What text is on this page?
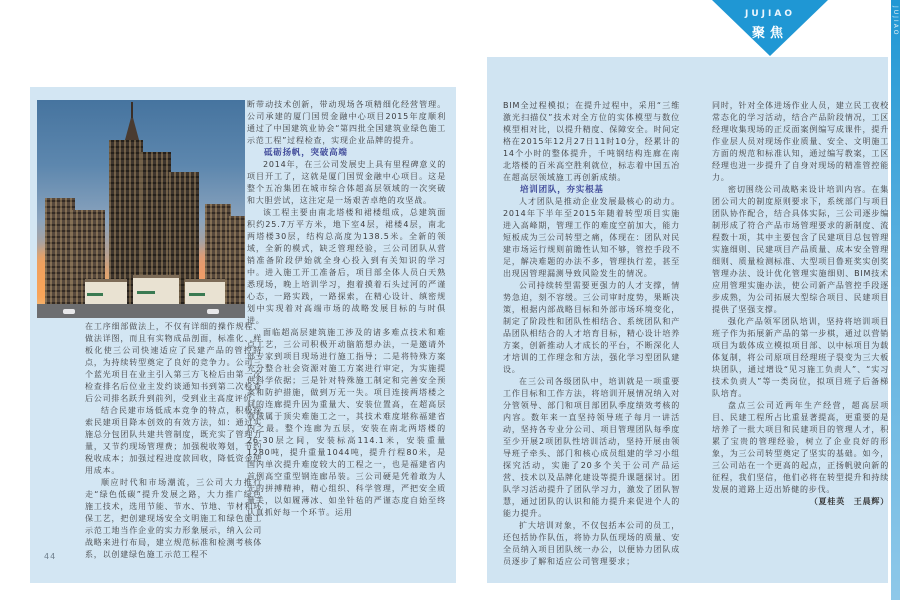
JUJIAO
聚焦	JUJIAO

在工序细部做法上，不仅有详细的操作规程、做法详图，而且有实物成品剖面，标准化、样板化使三公司快速适应了民建产品的管控特点，为持续转型奠定了良好的竞争力。公司三个蓝光项目在业主引入第三方飞检后由第一次检查排名后位业主发约谈通知书到第二次检查后公司排名跃升到前列，受到业主高度评价。

结合民建市场低成本竞争的特点，积极探索民建项目降本创效的有效方法，如：通过实施总分包团队共建共管制度，既充实了管理力量，又节约现场管理费；加强税收筹划，节约税收成本；加强过程进度款回收，降低资金使用成本。

顺应时代和市场潮流，三公司大力推行走“绿色低碳”提升发展之路，大力推广绿色施工技术，选用节能、节水、节地、节材和环保工艺，把创建现场安全文明施工和绿色施工示范工地当作企业的实力形象展示，纳入公司战略来进行布局，建立规范标准和检测考核体系，以创建绿色施工示范工程不

断带动技术创新，带动现场各项精细化经营管理。公司承建的厦门国贸金融中心项目2015年度顺利通过了中国建筑业协会“第四批全国建筑业绿色施工示范工程”过程检查，实现企业品牌的提升。

砥砺扬帆，突破高端

2014年，在三公司发展史上具有里程碑意义的项目开工了，这就是厦门国贸金融中心项目。这是整个五冶集团在城市综合体超高层领域的一次突破和大胆尝试，这注定是一场艰苦卓绝的攻坚战。

该工程主要由南北塔楼和裙楼组成，总建筑面积约25.7万平方米，地下室4层，裙楼4层，南北两塔楼30层，结构总高度为138.5米。全新的领域，全新的模式，缺乏管理经验，三公司团队从营销准备阶段伊始就全身心投入到有关知识的学习中。进入施工开工准备后，项目部全体人员白天熟悉现场，晚上培训学习，抱着摸着石头过河的严谨心态，一路实践，一路探索，在精心设计、缜密规划中实现着对高端市场的战略发展目标的与时俱进。

面临超高层建筑施工涉及的诸多难点技术和难点工艺，三公司积极开动脑筋想办法，一是邀请外部专家到项目现场进行施工指导；二是将特殊方案充分整合社会资源对施工方案进行审定，为实施提供科学依据；三是针对特殊施工制定和完善安全预案和防护措施，做到万无一失。项目连接两塔楼之间的连廊提升因为重量大、安装位置高，在超高层领域属于顶尖难施工之一，其技术难度堪称福建省内之最。整个连廊为五层，安装在南北两塔楼的26-30层之间，安装标高114.1米，安装重量1280吨，提升重量1044吨，提升行程80米，是国内单次提升难度较大的工程之一，也是福建省内首例高空重型钢连廊吊装。三公司硬是凭着敢为人先的拼搏精神，精心组织、科学管理，严把安全质量关，以如履薄冰、如坐针毡的严谨态度自始至终认真抓好每一个环节。运用

44

BIM全过程模拟；在提升过程中，采用“三维激光扫描仪”技术对全方位的实体模型与数位模型相对比，以提升精度、保障安全。时间定格在2015年12月27日11时10分，经累计的14个小时的整体提升，千吨钢结构连廊在南北塔楼的百米高空胜利就位，标志着中国五冶在超高层领域施工再创新成绩。

培训团队，夯实根基

人才团队是推动企业发展最核心的动力。2014年下半年至2015年随着转型项目实施进入高峰期，管理工作的难度空前加大，能力短板成为三公司转型之痛，体现在：团队对民建市场运行规则前瞻性认知不够，管控手段不足，解决难题的办法不多，管理执行差，甚至出现因管理漏测导致风险发生的情况。

公司持续转型需要更强力的人才支撑，情势急迫，刻不容缓。三公司审时度势，果断决策，根据内部战略目标和外部市场环境变化，制定了阶段性和团队性相结合、系统团队和产品团队相结合的人才培育目标，精心设计培养方案，创新推动人才成长的平台，不断深化人才培训的工作理念和方法，强化学习型团队建设。

在三公司各级团队中，培训就是一项重要工作目标和工作方法，将培训开展情况纳入对分管领导、部门和项目部团队季度绩效考核的内容。数年来一直坚持领导班子每月一讲活动，坚持各专业分公司、项目管理团队每季度至少开展2项团队性培训活动，坚持开展由领导班子牵头、部门和核心成员组建的学习小组探究活动，实施了20多个关于公司产品运营、技术以及品牌化建设等提升课题探讨。团队学习活动提升了团队学习力，激发了团队智慧，通过团队的认识和能力提升来促进个人的能力提升。

扩大培训对象，不仅包括本公司的员工，还包括协作队伍，将协力队伍现场的质量、安全员纳入项目团队统一办公，以便协力团队成员逐步了解和适应公司管理要求；

同时，针对全体进场作业人员，建立民工夜校常态化的学习活动，结合产品阶段情况，工区经理收集现场的正反面案例编写成课件，提升作业层人员对现场作业质量、安全、文明施工方面的规范和标准认知，通过编写教案，工区经理也进一步提升了自身对现场的精准管控能力。

密切围绕公司战略来设计培训内容。在集团公司大的制度原则要求下，系统部门与项目团队协作配合，结合具体实际，三公司逐步编制形成了符合产品市场管理要求的新制度、流程数十项，其中主要包含了民建项目总包管理实施细则、民建项目产品质量、成本安全管理细则、质量检测标准、大型项目鲁班奖实创奖管理办法、设计优化管理实施细则、BIM技术应用管理实施办法，使公司新产品管控手段逐步成熟，为公司拓展大型综合项目、民建项目提供了坚强支撑。

强化产品领军团队培训，坚持将培训项目班子作为拓展新产品的第一步棋，通过以营销项目为载体成立模拟项目部、以中标项目为载体复制，将公司原项目经理班子裂变为三大板块团队，通过增设“见习施工负责人”、“实习技术负责人”等一类岗位，拟项目班子后备梯队培育。

盘点三公司近两年生产经营，超高层项目、民建工程所占比重显著提高，更重要的是培养了一批大项目和民建项目的管理人才，积累了宝贵的管理经验，树立了企业良好的形象，为三公司转型奠定了坚实的基础。如今，三公司站在一个更高的起点，正扬帆驶向新的征程，我们坚信，他们必将在转型提升和持续发展的道路上迈出矫健的步伐。

（夏桂英　王晨辉）
